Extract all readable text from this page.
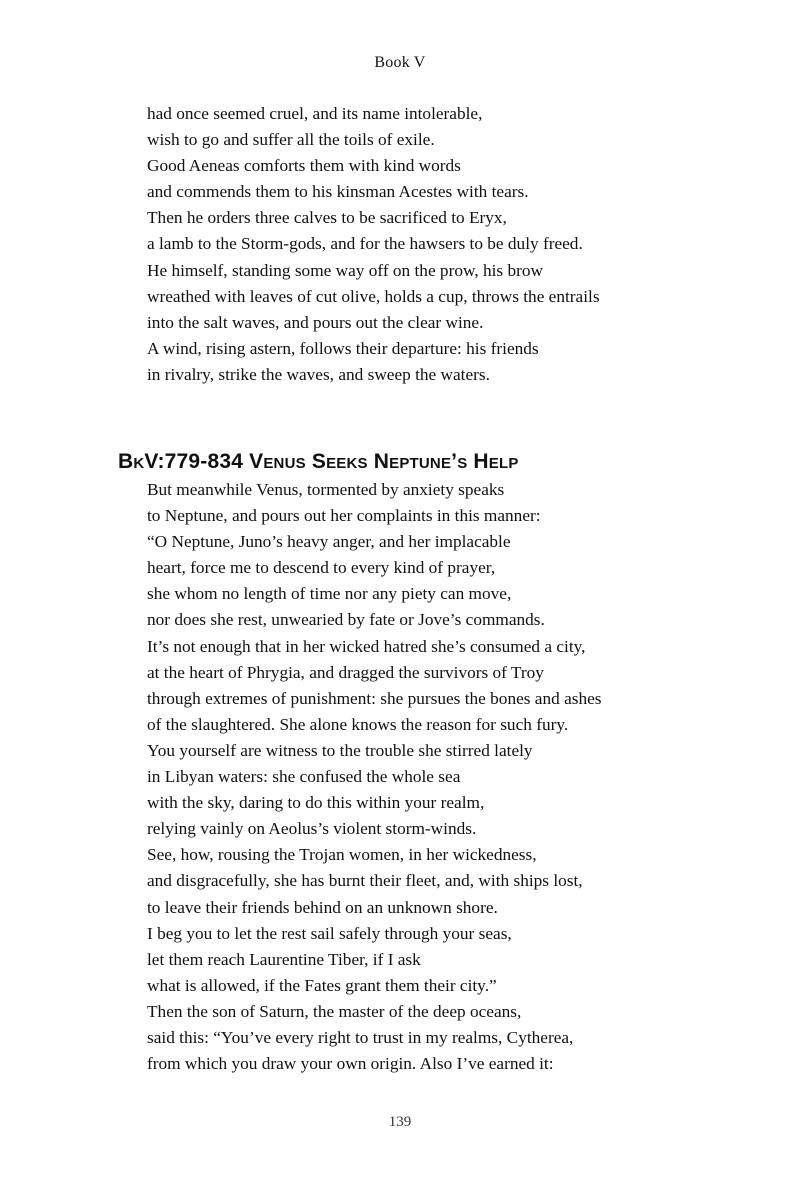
Book V
had once seemed cruel, and its name intolerable,
wish to go and suffer all the toils of exile.
Good Aeneas comforts them with kind words
and commends them to his kinsman Acestes with tears.
Then he orders three calves to be sacrificed to Eryx,
a lamb to the Storm-gods, and for the hawsers to be duly freed.
He himself, standing some way off on the prow, his brow
wreathed with leaves of cut olive, holds a cup, throws the entrails
into the salt waves, and pours out the clear wine.
A wind, rising astern, follows their departure: his friends
in rivalry, strike the waves, and sweep the waters.
BkV:779-834 Venus Seeks Neptune’s Help
But meanwhile Venus, tormented by anxiety speaks
to Neptune, and pours out her complaints in this manner:
“O Neptune, Juno’s heavy anger, and her implacable
heart, force me to descend to every kind of prayer,
she whom no length of time nor any piety can move,
nor does she rest, unwearied by fate or Jove’s commands.
It’s not enough that in her wicked hatred she’s consumed a city,
at the heart of Phrygia, and dragged the survivors of Troy
through extremes of punishment: she pursues the bones and ashes
of the slaughtered. She alone knows the reason for such fury.
You yourself are witness to the trouble she stirred lately
in Libyan waters: she confused the whole sea
with the sky, daring to do this within your realm,
relying vainly on Aeolus’s violent storm-winds.
See, how, rousing the Trojan women, in her wickedness,
and disgracefully, she has burnt their fleet, and, with ships lost,
to leave their friends behind on an unknown shore.
I beg you to let the rest sail safely through your seas,
let them reach Laurentine Tiber, if I ask
what is allowed, if the Fates grant them their city.”
Then the son of Saturn, the master of the deep oceans,
said this: “You’ve every right to trust in my realms, Cytherea,
from which you draw your own origin. Also I’ve earned it:
139
